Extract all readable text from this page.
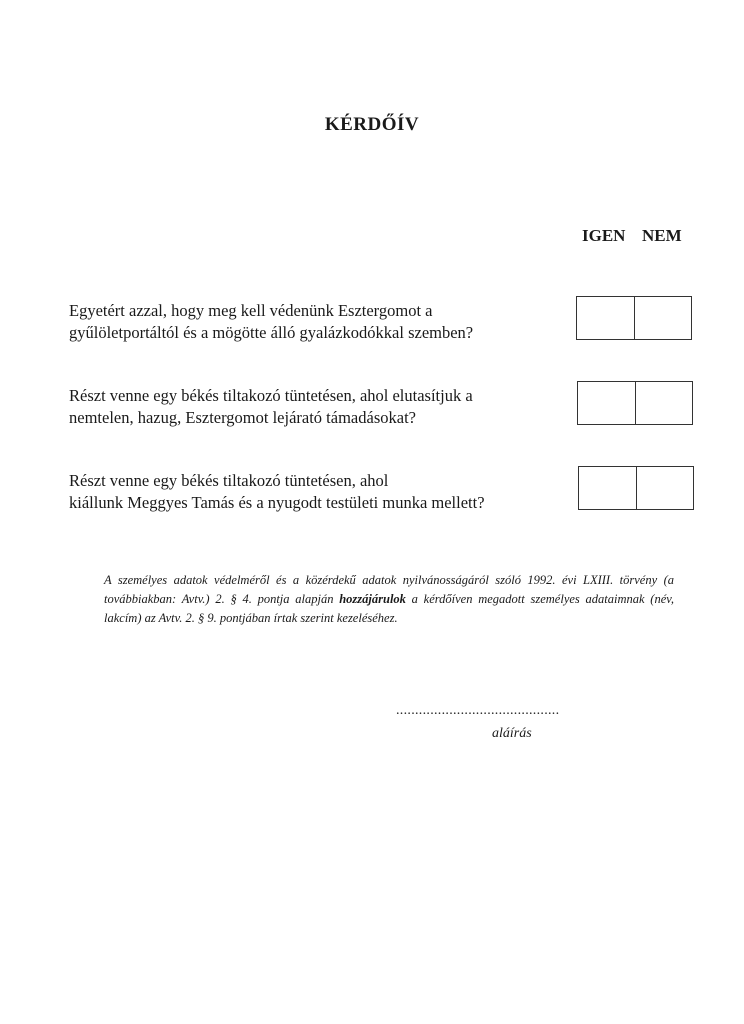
KÉRDŐÍV
IGEN NEM
Egyetért azzal, hogy meg kell védenünk Esztergomot a
gyűlöletportáltól és a mögötte álló gyalázkodókkal szemben?
Részt venne egy békés tiltakozó tüntetésen, ahol elutasítjuk a
nemtelen, hazug, Esztergomot lejárató támadásokat?
Részt venne egy békés tiltakozó tüntetésen, ahol
kiállunk Meggyes Tamás és a nyugodt testületi munka mellett?
A személyes adatok védelméről és a közérdekű adatok nyilvánosságáról szóló 1992. évi LXIII. törvény (a továbbiakban: Avtv.) 2. § 4. pontja alapján hozzájárulok a kérdőíven megadott személyes adataimnak (név, lakcím) az Avtv. 2. § 9. pontjában írtak szerint kezeléséhez.
...........................................
aláírás
